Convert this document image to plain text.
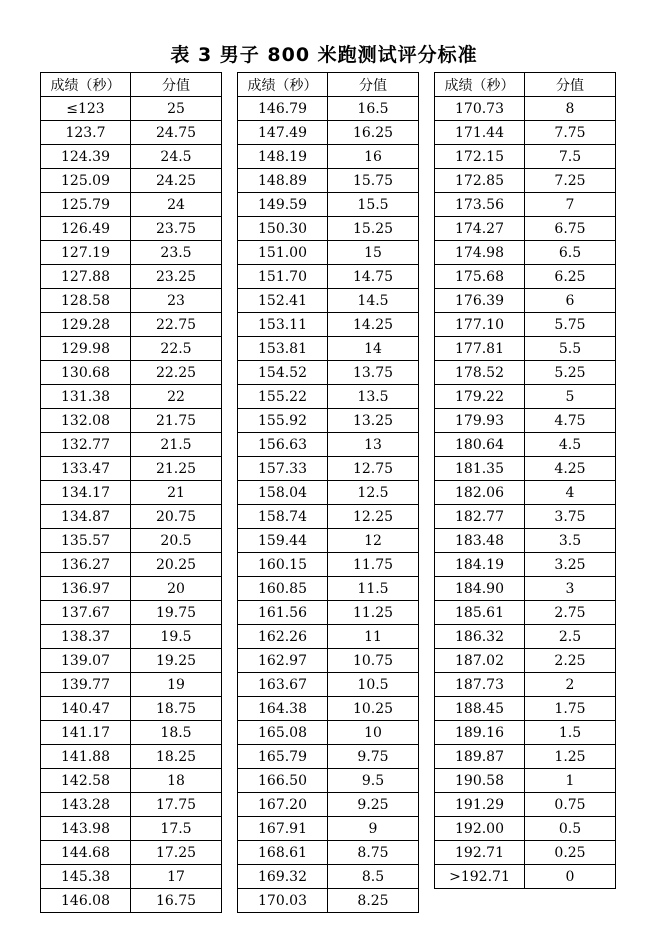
表 3 男子 800 米跑测试评分标准
成绩（秒）	分值
≤123	25
123.7	24.75
124.39	24.5
125.09	24.25
125.79	24
126.49	23.75
127.19	23.5
127.88	23.25
128.58	23
129.28	22.75
129.98	22.5
130.68	22.25
131.38	22
132.08	21.75
132.77	21.5
133.47	21.25
134.17	21
134.87	20.75
135.57	20.5
136.27	20.25
136.97	20
137.67	19.75
138.37	19.5
139.07	19.25
139.77	19
140.47	18.75
141.17	18.5
141.88	18.25
142.58	18
143.28	17.75
143.98	17.5
144.68	17.25
145.38	17
146.08	16.75
成绩（秒）	分值
146.79	16.5
147.49	16.25
148.19	16
148.89	15.75
149.59	15.5
150.30	15.25
151.00	15
151.70	14.75
152.41	14.5
153.11	14.25
153.81	14
154.52	13.75
155.22	13.5
155.92	13.25
156.63	13
157.33	12.75
158.04	12.5
158.74	12.25
159.44	12
160.15	11.75
160.85	11.5
161.56	11.25
162.26	11
162.97	10.75
163.67	10.5
164.38	10.25
165.08	10
165.79	9.75
166.50	9.5
167.20	9.25
167.91	9
168.61	8.75
169.32	8.5
170.03	8.25
成绩（秒）	分值
170.73	8
171.44	7.75
172.15	7.5
172.85	7.25
173.56	7
174.27	6.75
174.98	6.5
175.68	6.25
176.39	6
177.10	5.75
177.81	5.5
178.52	5.25
179.22	5
179.93	4.75
180.64	4.5
181.35	4.25
182.06	4
182.77	3.75
183.48	3.5
184.19	3.25
184.90	3
185.61	2.75
186.32	2.5
187.02	2.25
187.73	2
188.45	1.75
189.16	1.5
189.87	1.25
190.58	1
191.29	0.75
192.00	0.5
192.71	0.25
>192.71	0
